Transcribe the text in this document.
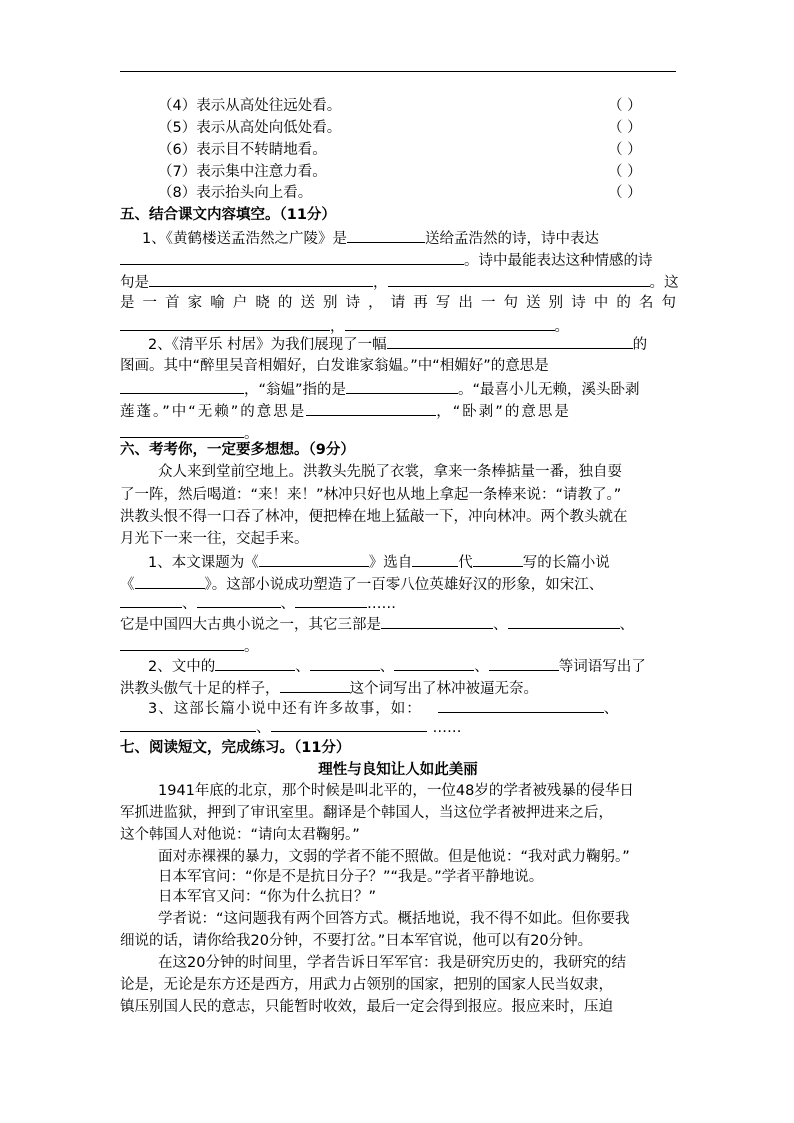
（4）表示从高处往远处看。	（ ）
（5）表示从高处向低处看。	（ ）
（6）表示目不转睛地看。	（ ）
（7）表示集中注意力看。	（ ）
（8）表示抬头向上看。	（ ）
五、结合课文内容填空。（11分）
1、《黄鹤楼送孟浩然之广陵》是	送给孟浩然的诗，诗中表达
。诗中最能表达这种情感的诗
句是	，	。这
是一首家喻户晓的送别诗，请再写出一句送别诗中的名句
，	。
2、《清平乐 村居》为我们展现了一幅	的
图画。其中“醉里吴音相媚好，白发谁家翁媪。”中“相媚好”的意思是
，“翁媪”指的是	。“最喜小儿无赖，溪头卧剥
莲蓬。”中“无赖”的意思是	，“卧剥”的意思是
。
六、考考你，一定要多想想。（9分）
众人来到堂前空地上。洪教头先脱了衣裳，拿来一条棒掂量一番，独自耍
了一阵，然后喝道：“来！来！”林冲只好也从地上拿起一条棒来说：“请教了。”
洪教头恨不得一口吞了林冲，便把棒在地上猛敲一下，冲向林冲。两个教头就在
月光下一来一往，交起手来。
1、本文课题为《	》选自	代	写的长篇小说
《	》。这部小说成功塑造了一百零八位英雄好汉的形象，如宋江、
、	、	……
它是中国四大古典小说之一，其它三部是	、	、
。
2、文中的	、	、	、	等词语写出了
洪教头傲气十足的样子，	这个词写出了林冲被逼无奈。
3、这部长篇小说中还有许多故事，如：	、
、	……
七、阅读短文，完成练习。（11分）
理性与良知让人如此美丽
1941年底的北京，那个时候是叫北平的，一位48岁的学者被残暴的侵华日
军抓进监狱，押到了审讯室里。翻译是个韩国人，当这位学者被押进来之后，
这个韩国人对他说：“请向太君鞠躬。”
面对赤裸裸的暴力，文弱的学者不能不照做。但是他说：“我对武力鞠躬。”
日本军官问：“你是不是抗日分子？”“我是。”学者平静地说。
日本军官又问：“你为什么抗日？”
学者说：“这问题我有两个回答方式。概括地说，我不得不如此。但你要我
细说的话，请你给我20分钟，不要打岔。”日本军官说，他可以有20分钟。
在这20分钟的时间里，学者告诉日军军官：我是研究历史的，我研究的结
论是，无论是东方还是西方，用武力占领别的国家，把别的国家人民当奴隶，
镇压别国人民的意志，只能暂时收效，最后一定会得到报应。报应来时，压迫
